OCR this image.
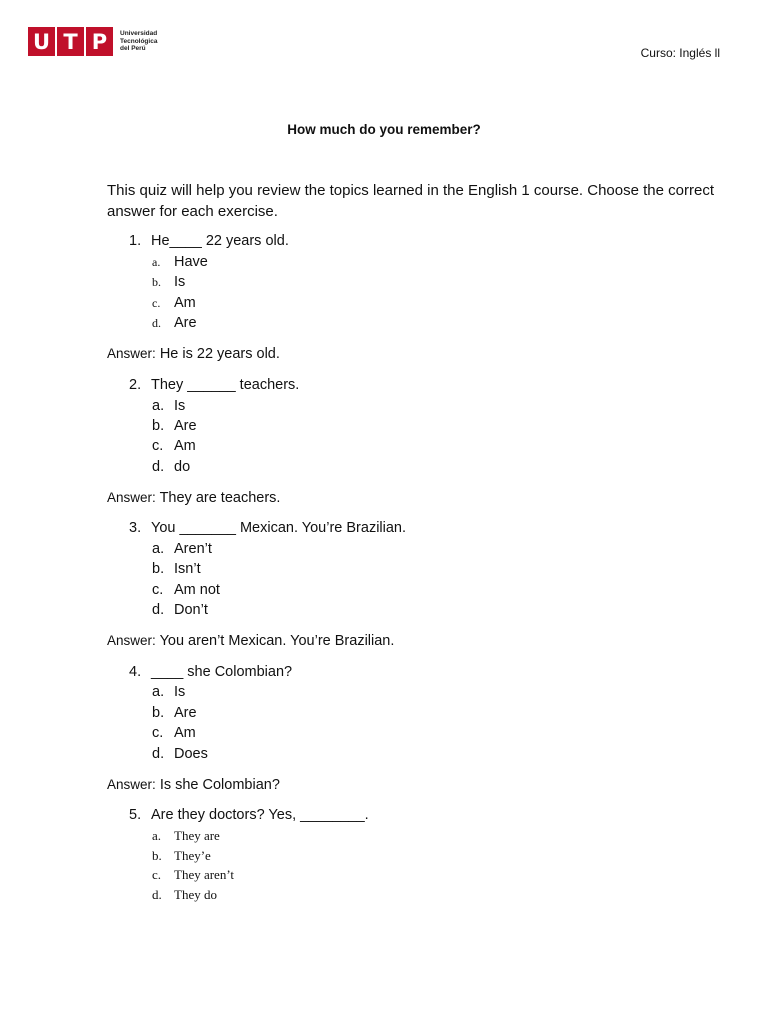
U T P	Universidad
Tecnológica
del Perú	Curso: Inglés ll
How much do you remember?
This quiz will help you review the topics learned in the English 1 course. Choose the correct answer for each exercise.
1. He____ 22 years old.
a. Have
b. Is
c. Am
d. Are
Answer: He is 22 years old.
2. They ______ teachers.
a. Is
b. Are
c. Am
d. do
Answer: They are teachers.
3. You _______ Mexican. You’re Brazilian.
a. Aren’t
b. Isn’t
c. Am not
d. Don’t
Answer: You aren’t Mexican. You’re Brazilian.
4. ____ she Colombian?
a. Is
b. Are
c. Am
d. Does
Answer: Is she Colombian?
5. Are they doctors? Yes, ________.
a. They are
b. They’e
c. They aren’t
d. They do
